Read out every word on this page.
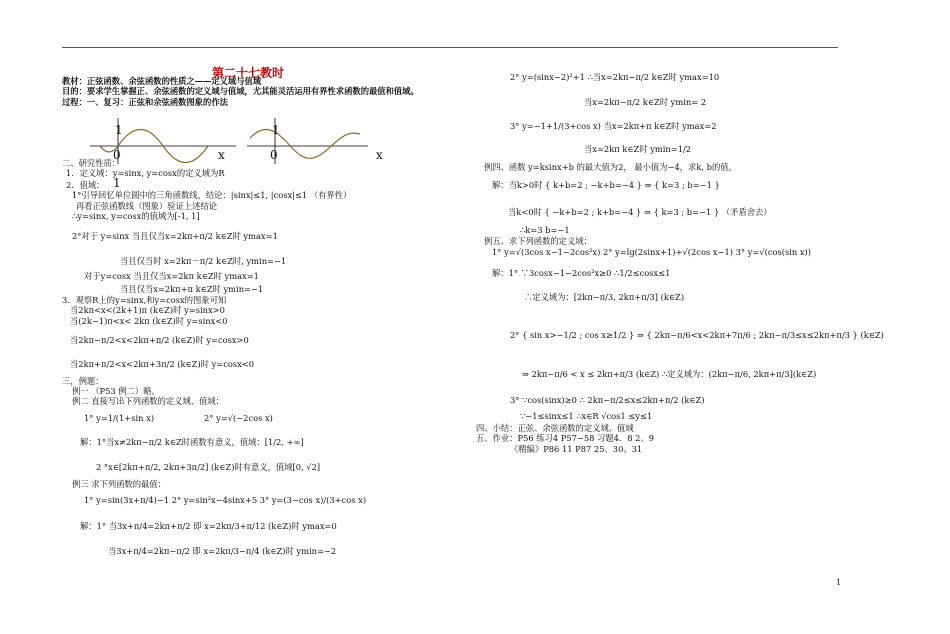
第二十七教时
教材：正弦函数、余弦函数的性质之——定义域与值域
目的：要求学生掌握正、余弦函数的定义域与值域，尤其能灵活运用有界性求函数的最值和值域。
过程：一、复习：正弦和余弦函数图象的作法
二、研究性质：
1．定义域：y=sinx, y=cosx的定义域为R
2．值域：
1°引导回忆单位圆中的三角函数线，结论：|sinx|≤1, |cosx|≤1 （有界性）
再看正弦函数线（图象）验证上述结论
∴y=sinx, y=cosx的值域为[-1, 1]
2°对于 y=sinx 当且仅当x=2kπ+π/2 k∈Z时 ymax=1
当且仅当时 x=2kπ－π/2 k∈Z时, ymin=−1
对于y=cosx 当且仅当x=2kπ k∈Z时 ymax=1
当且仅当x=2kπ+π k∈Z时 ymin=−1
3．观察R上的y=sinx,和y=cosx的图象可知
当2kπ<x<(2k+1)π (k∈Z)时 y=sinx>0
当(2k−1)π<x< 2kπ (k∈Z)时 y=sinx<0
当2kπ−π/2<x<2kπ+π/2 (k∈Z)时 y=cosx>0
当2kπ+π/2<x<2kπ+3π/2 (k∈Z)时 y=cosx<0
三，例题：
例一 （P53 例二）略。
例二 直接写出下列函数的定义域、值域：
1° y=1/(1+sin x)	2° y=√(−2cos x)
解：1°当x≠2kπ−π/2 k∈Z时函数有意义，值域：[1/2, +∞]
2 °x∈[2kπ+π/2, 2kπ+3π/2] (k∈Z)时有意义，值域[0, √2]
例三 求下列函数的最值：
1° y=sin(3x+π/4)−1 2° y=sin²x−4sinx+5 3° y=(3−cos x)/(3+cos x)
解：1° 当3x+π/4=2kπ+π/2 即 x=2kπ/3+π/12 (k∈Z)时 ymax=0
当3x+π/4=2kπ−π/2 即 x=2kπ/3−π/4 (k∈Z)时 ymin=−2
2° y=(sinx−2)²+1 ∴当x=2kπ−π/2 k∈Z时 ymax=10
当x=2kπ−π/2 k∈Z时 ymin= 2
3° y=−1+1/(3+cos x) 当x=2kπ+π k∈Z时 ymax=2
当x=2kπ k∈Z时 ymin=1/2
例四、函数 y=ksinx+b 的最大值为2， 最小值为−4，求k, b的值。
解：当k>0时 { k+b=2 ; −k+b=−4 } ⇒ { k=3 ; b=−1 }
当k<0时 { −k+b=2 ; k+b=−4 } ⇒ { k=3 ; b=−1 } （矛盾舍去）
∴k=3 b=−1
例五、求下列函数的定义域：
1° y=√(3cos x−1−2cos²x) 2° y=lg(2sinx+1)+√(2cos x−1) 3° y=√(cos(sin x))
解：1° ∵3cosx−1−2cos²x≥0 ∴1/2≤cosx≤1
∴定义域为：[2kπ−π/3, 2kπ+π/3] (k∈Z)
2° { sin x>−1/2 ; cos x≥1/2 } ⇒ { 2kπ−π/6<x<2kπ+7π/6 ; 2kπ−π/3≤x≤2kπ+π/3 } (k∈Z)
⇒ 2kπ−π/6 < x ≤ 2kπ+π/3 (k∈Z) ∴定义域为：(2kπ−π/6, 2kπ+π/3](k∈Z)
3° ∵cos(sinx)≥0 ∴ 2kπ−π/2≤x≤2kπ+π/2 (k∈Z)
∵−1≤sinx≤1 ∴x∈R √cos1 ≤y≤1
四、小结：正弦、余弦函数的定义域、值域
五、作业：P56 练习4 P57−58 习题4．8 2、9
《精编》P86 11 P87 25、30、31
0	x
1
1
0	x
1
1
